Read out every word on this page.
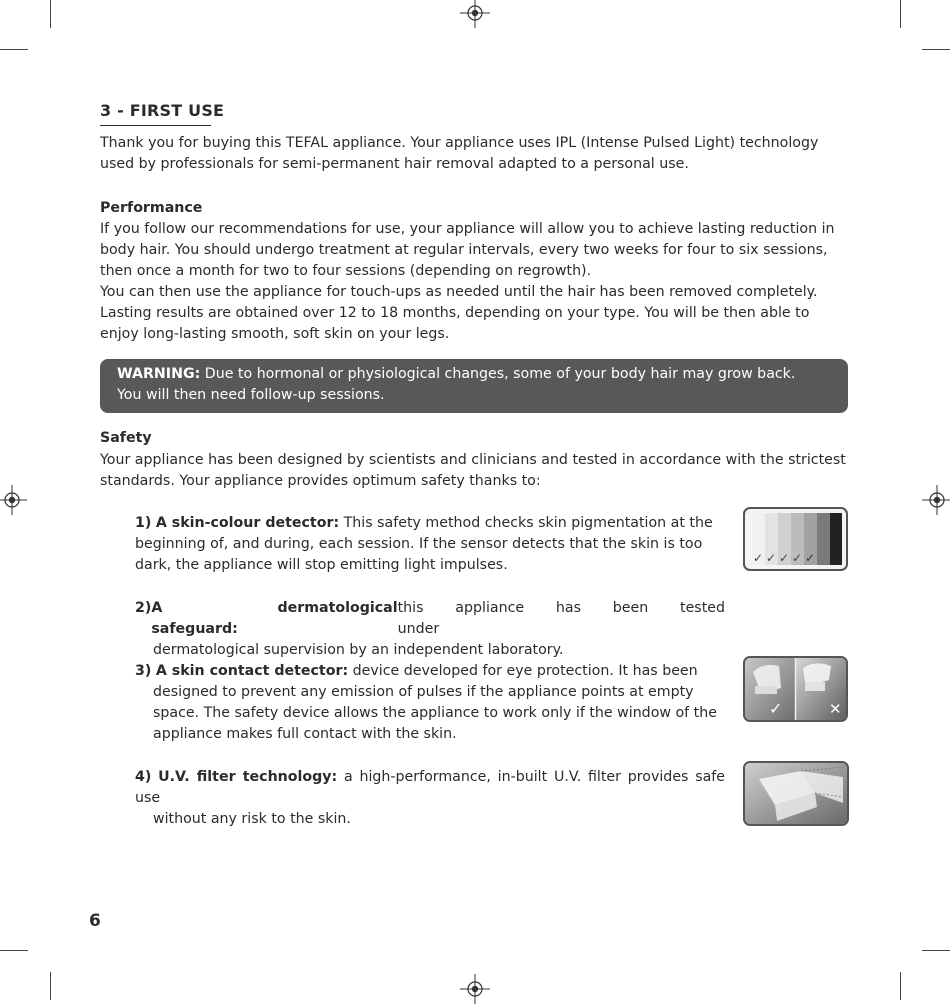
3 - FIRST USE
Thank you for buying this TEFAL appliance. Your appliance uses IPL (Intense Pulsed Light) technology
used by professionals for semi-permanent hair removal adapted to a personal use.
Performance
If you follow our recommendations for use, your appliance will allow you to achieve lasting reduction in
body hair. You should undergo treatment at regular intervals, every two weeks for four to six sessions,
then once a month for two to four sessions (depending on regrowth).
You can then use the appliance for touch-ups as needed until the hair has been removed completely.
Lasting results are obtained over 12 to 18 months, depending on your type. You will be then able to
enjoy long-lasting smooth, soft skin on your legs.
WARNING: Due to hormonal or physiological changes, some of your body hair may grow back.
You will then need follow-up sessions.
Safety
Your appliance has been designed by scientists and clinicians and tested in accordance with the strictest
standards. Your appliance provides optimum safety thanks to:
1) A skin-colour detector: This safety method checks skin pigmentation at the
beginning of, and during, each session. If the sensor detects that the skin is too
dark, the appliance will stop emitting light impulses.
2) A dermatological safeguard:
this appliance has been tested under
dermatological supervision by an independent laboratory.
3) A skin contact detector: device developed for eye protection. It has been
designed to prevent any emission of pulses if the appliance points at empty
space. The safety device allows the appliance to work only if the window of the
appliance makes full contact with the skin.
4) U.V. filter technology: a high-performance, in-built U.V. filter provides safe use
without any risk to the skin.
✓ ✓ ✓ ✓ ✓
✓	✕
6
